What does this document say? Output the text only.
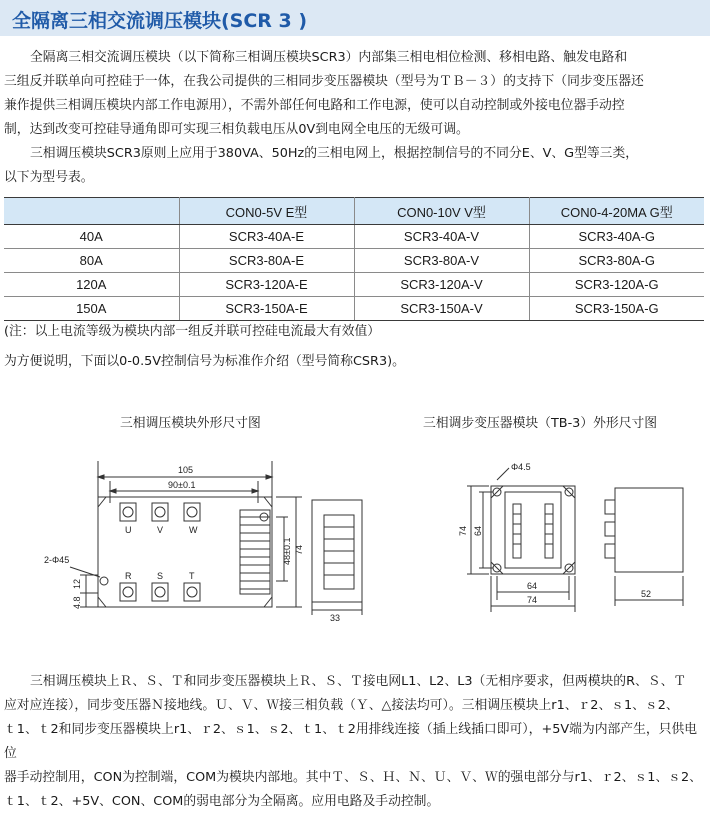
全隔离三相交流调压模块(SCR 3 )

全隔离三相交流调压模块（以下简称三相调压模块SCR3）内部集三相电相位检测、移相电路、触发电路和
三组反并联单向可控硅于一体，在我公司提供的三相同步变压器模块（型号为ＴＢ－３）的支持下（同步变压器还
兼作提供三相调压模块内部工作电源用），不需外部任何电路和工作电源，使可以自动控制或外接电位器手动控
制，达到改变可控硅导通角即可实现三相负载电压从0V到电网全电压的无级可调。

三相调压模块SCR3原则上应用于380VA、50Hz的三相电网上，根据控制信号的不同分E、V、G型等三类，
以下为型号表。

	CON0-5V E型	CON0-10V V型	CON0-4-20MA G型
40A	SCR3-40A-E	SCR3-40A-V	SCR3-40A-G
80A	SCR3-80A-E	SCR3-80A-V	SCR3-80A-G
120A	SCR3-120A-E	SCR3-120A-V	SCR3-120A-G
150A	SCR3-150A-E	SCR3-150A-V	SCR3-150A-G
(注：以上电流等级为模块内部一组反并联可控硅电流最大有效值）
为方便说明，下面以0-0.5V控制信号为标准作介绍（型号简称CSR3)。
三相调压模块外形尺寸图	三相调步变压器模块（TB-3）外形尺寸图
105
90±0.1
U	V	W
R	S	T
2-Φ45
74
48±0.1
12
4.8
33
Φ4.5
74 64
64
74
52

三相调压模块上Ｒ、Ｓ、Ｔ和同步变压器模块上Ｒ、Ｓ、Ｔ接电网L1、L2、L3（无相序要求，但两模块的R、Ｓ、Ｔ
应对应连接），同步变压器Ｎ接地线。Ｕ、Ｖ、Ｗ接三相负载（Ｙ、△接法均可）。三相调压模块上r1、ｒ2、ｓ1、ｓ2、
ｔ1、ｔ2和同步变压器模块上r1、ｒ2、ｓ1、ｓ2、ｔ1、ｔ2用排线连接（插上线插口即可），+5V端为内部产生，只供电位
器手动控制用，CON为控制端，COM为模块内部地。其中Ｔ、Ｓ、Ｈ、Ｎ、Ｕ、Ｖ、Ｗ的强电部分与r1、ｒ2、ｓ1、ｓ2、
ｔ1、ｔ2、+5V、CON、COM的弱电部分为全隔离。应用电路及手动控制。
